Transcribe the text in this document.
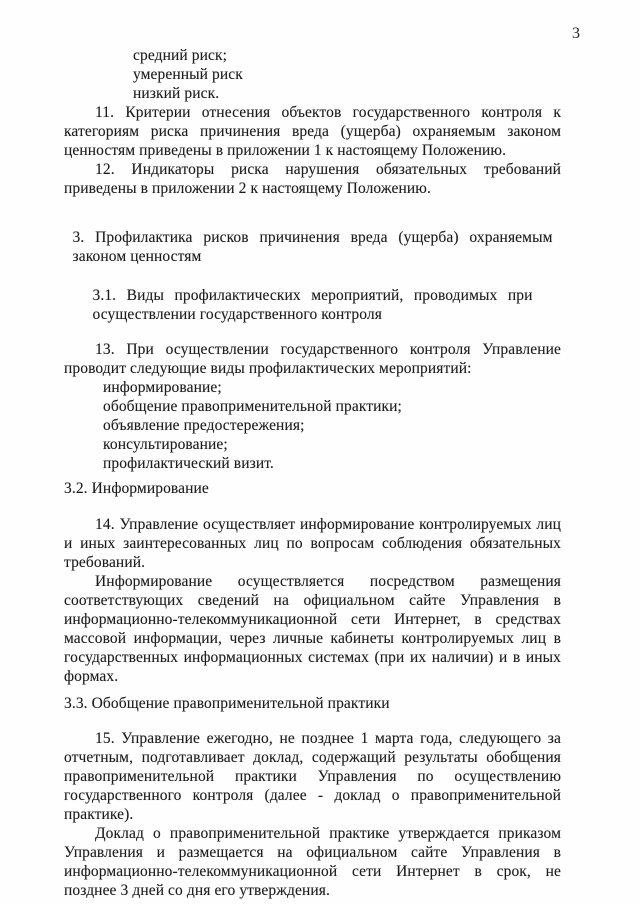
3
средний риск;
умеренный риск
низкий риск.

11. Критерии отнесения объектов государственного контроля к категориям риска причинения вреда (ущерба) охраняемым законом ценностям приведены в приложении 1 к настоящему Положению.

12. Индикаторы риска нарушения обязательных требований приведены в приложении 2 к настоящему Положению.

3. Профилактика рисков причинения вреда (ущерба) охраняемым законом ценностям

3.1. Виды профилактических мероприятий, проводимых при осуществлении государственного контроля

13. При осуществлении государственного контроля Управление проводит следующие виды профилактических мероприятий:

информирование;
обобщение правоприменительной практики;
объявление предостережения;
консультирование;
профилактический визит.

3.2. Информирование

14. Управление осуществляет информирование контролируемых лиц и иных заинтересованных лиц по вопросам соблюдения обязательных требований.

Информирование осуществляется посредством размещения соответствующих сведений на официальном сайте Управления в информационно-телекоммуникационной сети Интернет, в средствах массовой информации, через личные кабинеты контролируемых лиц в государственных информационных системах (при их наличии) и в иных формах.

3.3. Обобщение правоприменительной практики

15. Управление ежегодно, не позднее 1 марта года, следующего за отчетным, подготавливает доклад, содержащий результаты обобщения правоприменительной практики Управления по осуществлению государственного контроля (далее - доклад о правоприменительной практике).

Доклад о правоприменительной практике утверждается приказом Управления и размещается на официальном сайте Управления в информационно-телекоммуникационной сети Интернет в срок, не позднее 3 дней со дня его утверждения.
